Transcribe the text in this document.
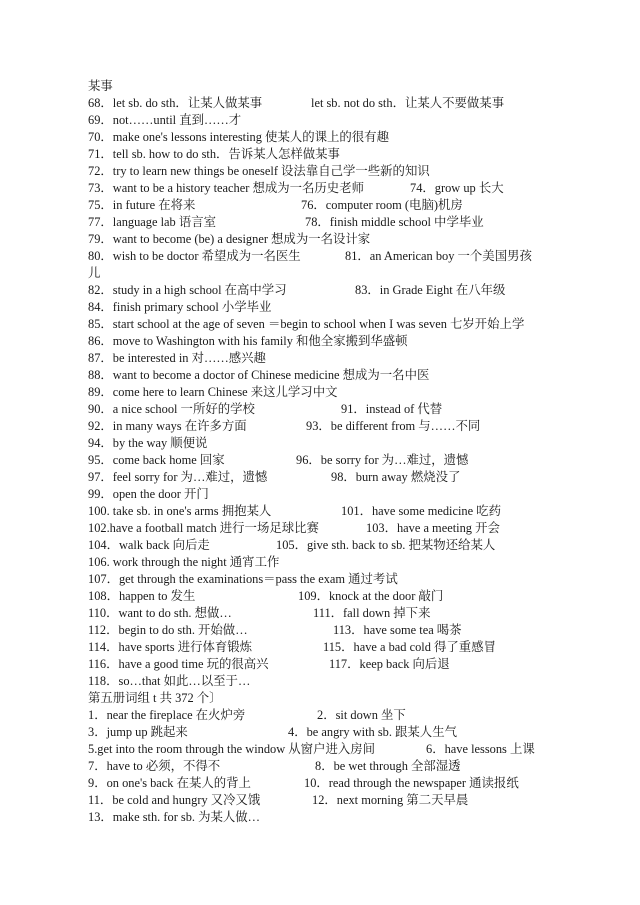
某事
68．let sb. do sth．让某人做某事	let sb. not do sth．让某人不要做某事
69．not……until 直到……才
70．make one's lessons interesting 使某人的课上的很有趣
71．tell sb. how to do sth．告诉某人怎样做某事
72．try to learn new things be oneself 设法靠自己学一些新的知识
73．want to be a history teacher 想成为一名历史老师	74．grow up 长大
75．in future 在将来	76．computer room (电脑)机房
77．language lab 语言室	78．finish middle school 中学毕业
79．want to become (be) a designer 想成为一名设计家
80．wish to be doctor 希望成为一名医生	81．an American boy 一个美国男孩
儿
82．study in a high school 在高中学习	83．in Grade Eight 在八年级
84．finish primary school 小学毕业
85．start school at the age of seven ＝begin to school when I was seven 七岁开始上学
86．move to Washington with his family 和他全家搬到华盛顿
87．be interested in 对……感兴趣
88．want to become a doctor of Chinese medicine 想成为一名中医
89．come here to learn Chinese 来这儿学习中文
90．a nice school 一所好的学校	91．instead of 代替
92．in many ways 在许多方面	93．be different from 与……不同
94．by the way 顺便说
95．come back home 回家	96．be sorry for 为…难过，遗憾
97．feel sorry for 为…难过，遗憾	98．burn away 燃烧没了
99．open the door 开门
100. take sb. in one's arms 拥抱某人	101．have some medicine 吃药
102.have a football match 进行一场足球比赛	103．have a meeting 开会
104．walk back 向后走	105．give sth. back to sb. 把某物还给某人
106. work through the night 通宵工作
107．get through the examinations＝pass the exam 通过考试
108．happen to 发生	109．knock at the door 敲门
110．want to do sth. 想做…	111．fall down 掉下来
112．begin to do sth. 开始做…	113．have some tea 喝茶
114．have sports 进行体育锻炼	115．have a bad cold 得了重感冒
116．have a good time 玩的很高兴	117．keep back 向后退
118．so…that 如此…以至于…
第五册词组 t 共 372 个〕
1．near the fireplace 在火炉旁	2．sit down 坐下
3．jump up 跳起来	4．be angry with sb. 跟某人生气
5.get into the room through the window 从窗户进入房间	6．have lessons 上课
7．have to 必须，不得不	8．be wet through 全部湿透
9．on one's back 在某人的背上	10．read through the newspaper 通读报纸
11．be cold and hungry 又冷又饿	12．next morning 第二天早晨
13．make sth. for sb. 为某人做…
